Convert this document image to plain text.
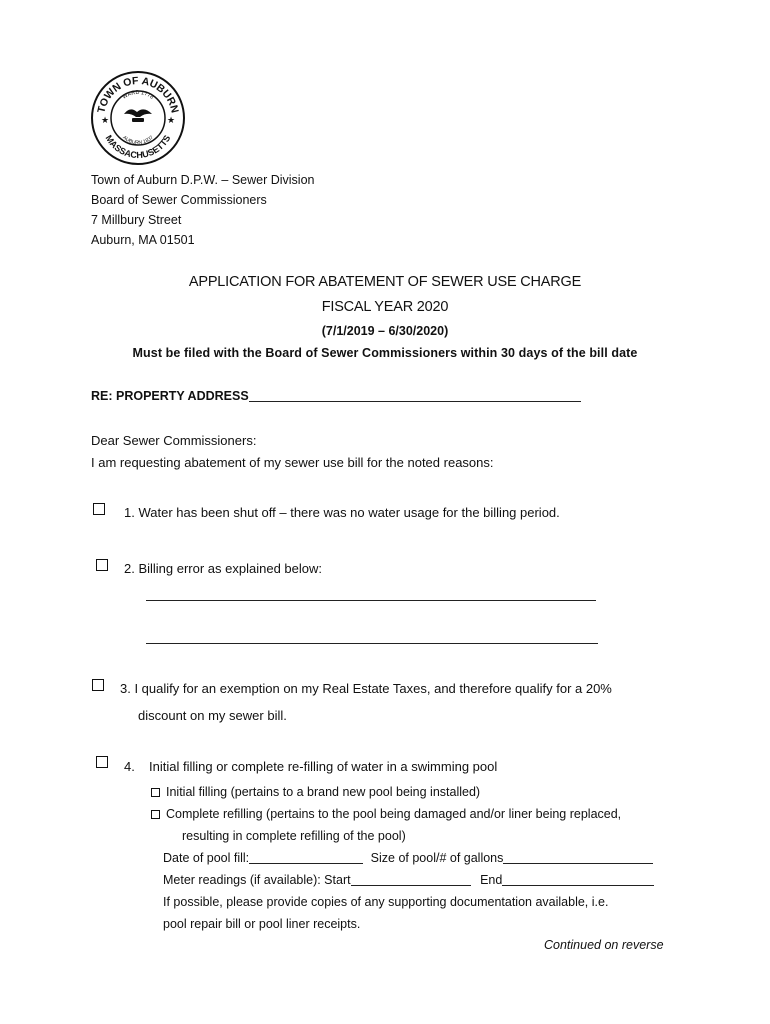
TOWN OF AUBURN
MASSACHUSETTS
WARD 1778
AUBURN 1837
★	★
Town of Auburn D.P.W. – Sewer Division
Board of Sewer Commissioners
7 Millbury Street
Auburn, MA 01501
APPLICATION FOR ABATEMENT OF SEWER USE CHARGE
FISCAL YEAR 2020
(7/1/2019 – 6/30/2020)
Must be filed with the Board of Sewer Commissioners within 30 days of the bill date
RE: PROPERTY ADDRESS
Dear Sewer Commissioners:
I am requesting abatement of my sewer use bill for the noted reasons:
1. Water has been shut off – there was no water usage for the billing period.
2. Billing error as explained below:
3. I qualify for an exemption on my Real Estate Taxes, and therefore qualify for a 20%
discount on my sewer bill.
4. Initial filling or complete re-filling of water in a swimming pool
Initial filling (pertains to a brand new pool being installed)
Complete refilling (pertains to the pool being damaged and/or liner being replaced,
resulting in complete refilling of the pool)
Date of pool fill:	Size of pool/# of gallons
Meter readings (if available): Start	End
If possible, please provide copies of any supporting documentation available, i.e.
pool repair bill or pool liner receipts.
Continued on reverse
